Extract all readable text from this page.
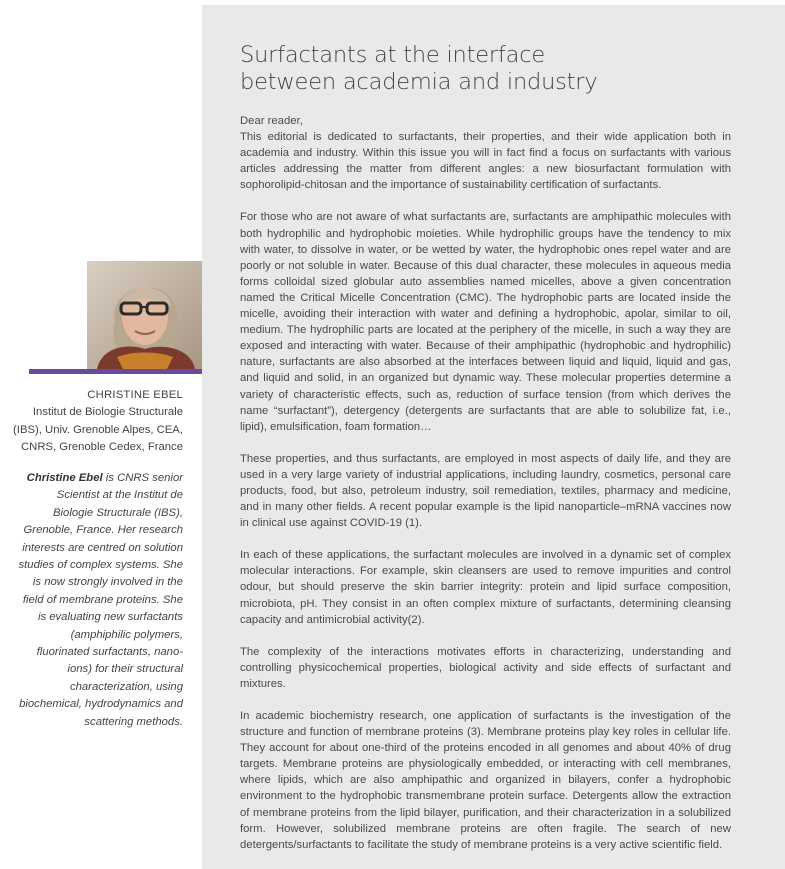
Surfactants at the interface
between academia and industry

Dear reader,

This editorial is dedicated to surfactants, their properties, and their wide application both in academia and industry. Within this issue you will in fact find a focus on surfactants with various articles addressing the matter from different angles: a new biosurfactant formulation with sophorolipid-chitosan and the importance of sustainability certification of surfactants.

For those who are not aware of what surfactants are, surfactants are amphipathic molecules with both hydrophilic and hydrophobic moieties. While hydrophilic groups have the tendency to mix with water, to dissolve in water, or be wetted by water, the hydrophobic ones repel water and are poorly or not soluble in water. Because of this dual character, these molecules in aqueous media forms colloidal sized globular auto assemblies named micelles, above a given concentration named the Critical Micelle Concentration (CMC). The hydrophobic parts are located inside the micelle, avoiding their interaction with water and defining a hydrophobic, apolar, similar to oil, medium. The hydrophilic parts are located at the periphery of the micelle, in such a way they are exposed and interacting with water. Because of their amphipathic (hydrophobic and hydrophilic) nature, surfactants are also absorbed at the interfaces between liquid and liquid, liquid and gas, and liquid and solid, in an organized but dynamic way. These molecular properties determine a variety of characteristic effects, such as, reduction of surface tension (from which derives the name “surfactant”), detergency (detergents are surfactants that are able to solubilize fat, i.e., lipid), emulsification, foam formation…

These properties, and thus surfactants, are employed in most aspects of daily life, and they are used in a very large variety of industrial applications, including laundry, cosmetics, personal care products, food, but also, petroleum industry, soil remediation, textiles, pharmacy and medicine, and in many other fields. A recent popular example is the lipid nanoparticle–mRNA vaccines now in clinical use against COVID-19 (1).

In each of these applications, the surfactant molecules are involved in a dynamic set of complex molecular interactions. For example, skin cleansers are used to remove impurities and control odour, but should preserve the skin barrier integrity: protein and lipid surface composition, microbiota, pH. They consist in an often complex mixture of surfactants, determining cleansing capacity and antimicrobial activity(2).

The complexity of the interactions motivates efforts in characterizing, understanding and controlling physicochemical properties, biological activity and side effects of surfactant and mixtures.

In academic biochemistry research, one application of surfactants is the investigation of the structure and function of membrane proteins (3). Membrane proteins play key roles in cellular life. They account for about one-third of the proteins encoded in all genomes and about 40% of drug targets. Membrane proteins are physiologically embedded, or interacting with cell membranes, where lipids, which are also amphipathic and organized in bilayers, confer a hydrophobic environment to the hydrophobic transmembrane protein surface. Detergents allow the extraction of membrane proteins from the lipid bilayer, purification, and their characterization in a solubilized form. However, solubilized membrane proteins are often fragile. The search of new detergents/surfactants to facilitate the study of membrane proteins is a very active scientific field.

CHRISTINE EBEL
Institut de Biologie Structurale
(IBS), Univ. Grenoble Alpes, CEA,
CNRS, Grenoble Cedex, France
Christine Ebel is CNRS senior Scientist at the Institut de Biologie Structurale (IBS), Grenoble, France. Her research interests are centred on solution studies of complex systems. She is now strongly involved in the field of membrane proteins. She is evaluating new surfactants (amphiphilic polymers, fluorinated surfactants, nano-ions) for their structural characterization, using biochemical, hydrodynamics and scattering methods.
